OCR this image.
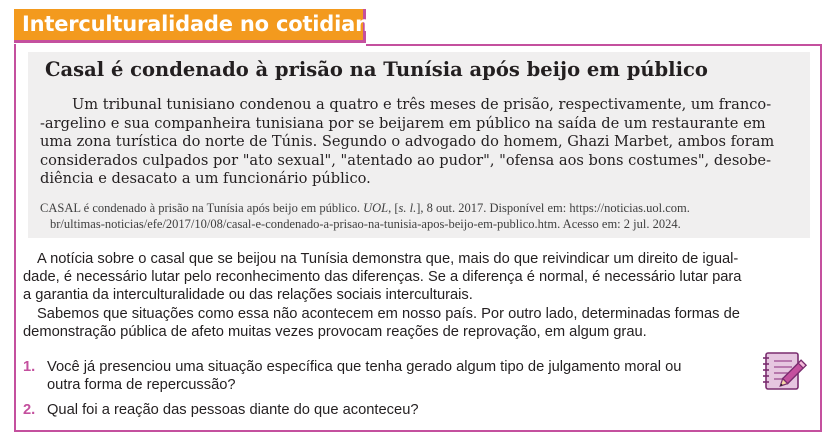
Interculturalidade no cotidiano
Casal é condenado à prisão na Tunísia após beijo em público

Um tribunal tunisiano condenou a quatro e três meses de prisão, respectivamente, um franco-
-argelino e sua companheira tunisiana por se beijarem em público na saída de um restaurante em
uma zona turística do norte de Túnis. Segundo o advogado do homem, Ghazi Marbet, ambos foram
considerados culpados por "ato sexual", "atentado ao pudor", "ofensa aos bons costumes", desobe-
diência e desacato a um funcionário público.

CASAL é condenado à prisão na Tunísia após beijo em público. UOL, [s. l.], 8 out. 2017. Disponível em: https://noticias.uol.com.
br/ultimas-noticias/efe/2017/10/08/casal-e-condenado-a-prisao-na-tunisia-apos-beijo-em-publico.htm. Acesso em: 2 jul. 2024.
A notícia sobre o casal que se beijou na Tunísia demonstra que, mais do que reivindicar um direito de igual-
dade, é necessário lutar pelo reconhecimento das diferenças. Se a diferença é normal, é necessário lutar para
a garantia da interculturalidade ou das relações sociais interculturais.
Sabemos que situações como essa não acontecem em nosso país. Por outro lado, determinadas formas de
demonstração pública de afeto muitas vezes provocam reações de reprovação, em algum grau.
1. Você já presenciou uma situação específica que tenha gerado algum tipo de julgamento moral ou
outra forma de repercussão?
2. Qual foi a reação das pessoas diante do que aconteceu?
